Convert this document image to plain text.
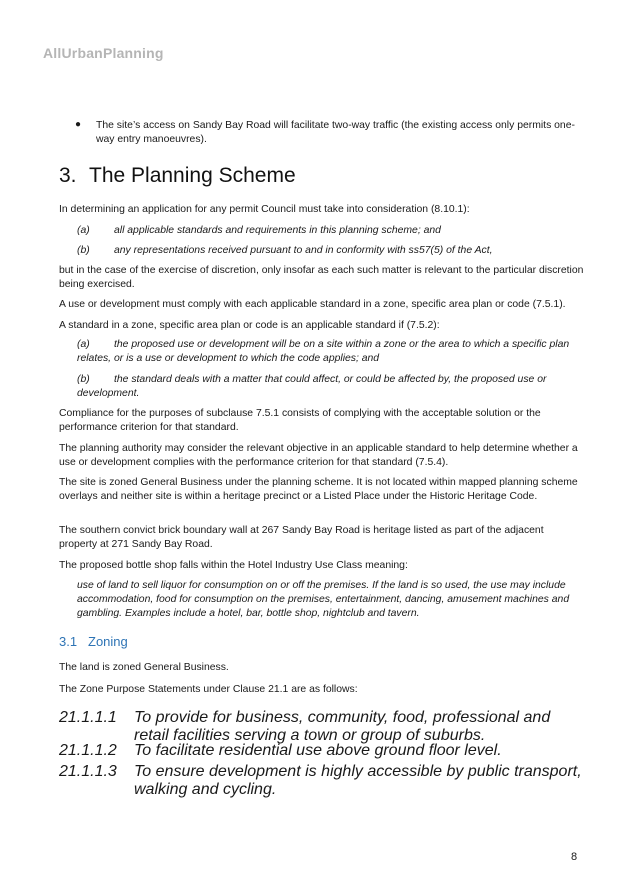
AllUrbanPlanning
●	The site’s access on Sandy Bay Road will facilitate two-way traffic (the existing access only permits one-way entry manoeuvres).

3. The Planning Scheme

In determining an application for any permit Council must take into consideration (8.10.1):

(a) all applicable standards and requirements in this planning scheme; and

(b) any representations received pursuant to and in conformity with ss57(5) of the Act,

but in the case of the exercise of discretion, only insofar as each such matter is relevant to the particular discretion being exercised.

A use or development must comply with each applicable standard in a zone, specific area plan or code (7.5.1).

A standard in a zone, specific area plan or code is an applicable standard if (7.5.2):

(a) the proposed use or development will be on a site within a zone or the area to which a specific plan relates, or is a use or development to which the code applies; and

(b) the standard deals with a matter that could affect, or could be affected by, the proposed use or development.

Compliance for the purposes of subclause 7.5.1 consists of complying with the acceptable solution or the performance criterion for that standard.

The planning authority may consider the relevant objective in an applicable standard to help determine whether a use or development complies with the performance criterion for that standard (7.5.4).

The site is zoned General Business under the planning scheme. It is not located within mapped planning scheme overlays and neither site is within a heritage precinct or a Listed Place under the Historic Heritage Code.

The southern convict brick boundary wall at 267 Sandy Bay Road is heritage listed as part of the adjacent property at 271 Sandy Bay Road.

The proposed bottle shop falls within the Hotel Industry Use Class meaning:

use of land to sell liquor for consumption on or off the premises. If the land is so used, the use may include accommodation, food for consumption on the premises, entertainment, dancing, amusement machines and gambling. Examples include a hotel, bar, bottle shop, nightclub and tavern.

3.1 Zoning

The land is zoned General Business.

The Zone Purpose Statements under Clause 21.1 are as follows:

21.1.1.1	To provide for business, community, food, professional and retail facilities serving a town or group of suburbs.
21.1.1.2	To facilitate residential use above ground floor level.
21.1.1.3	To ensure development is highly accessible by public transport, walking and cycling.
8
